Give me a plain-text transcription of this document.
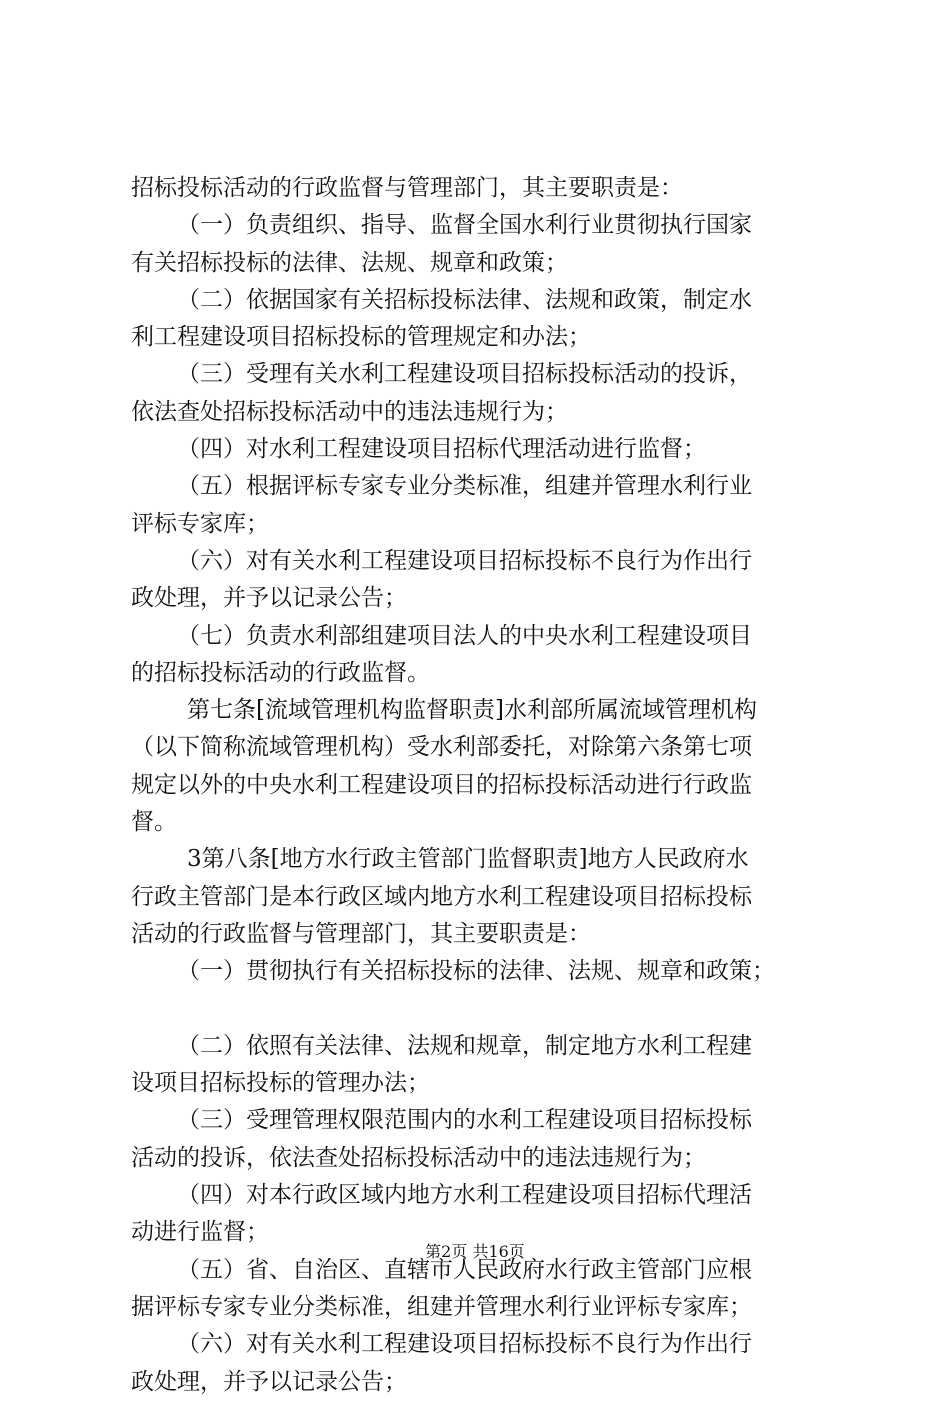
招标投标活动的行政监督与管理部门，其主要职责是：
（一）负责组织、指导、监督全国水利行业贯彻执行国家
有关招标投标的法律、法规、规章和政策；
（二）依据国家有关招标投标法律、法规和政策，制定水
利工程建设项目招标投标的管理规定和办法；
（三）受理有关水利工程建设项目招标投标活动的投诉，
依法查处招标投标活动中的违法违规行为；
（四）对水利工程建设项目招标代理活动进行监督；
（五）根据评标专家专业分类标准，组建并管理水利行业
评标专家库；
（六）对有关水利工程建设项目招标投标不良行为作出行
政处理，并予以记录公告；
（七）负责水利部组建项目法人的中央水利工程建设项目
的招标投标活动的行政监督。
第七条[流域管理机构监督职责]水利部所属流域管理机构
（以下简称流域管理机构）受水利部委托，对除第六条第七项
规定以外的中央水利工程建设项目的招标投标活动进行行政监
督。
3第八条[地方水行政主管部门监督职责]地方人民政府水
行政主管部门是本行政区域内地方水利工程建设项目招标投标
活动的行政监督与管理部门，其主要职责是：
（一）贯彻执行有关招标投标的法律、法规、规章和政策；
（二）依照有关法律、法规和规章，制定地方水利工程建
设项目招标投标的管理办法；
（三）受理管理权限范围内的水利工程建设项目招标投标
活动的投诉，依法查处招标投标活动中的违法违规行为；
（四）对本行政区域内地方水利工程建设项目招标代理活
动进行监督；
（五）省、自治区、直辖市人民政府水行政主管部门应根
据评标专家专业分类标准，组建并管理水利行业评标专家库；
（六）对有关水利工程建设项目招标投标不良行为作出行
政处理，并予以记录公告；
第2页 共16页
